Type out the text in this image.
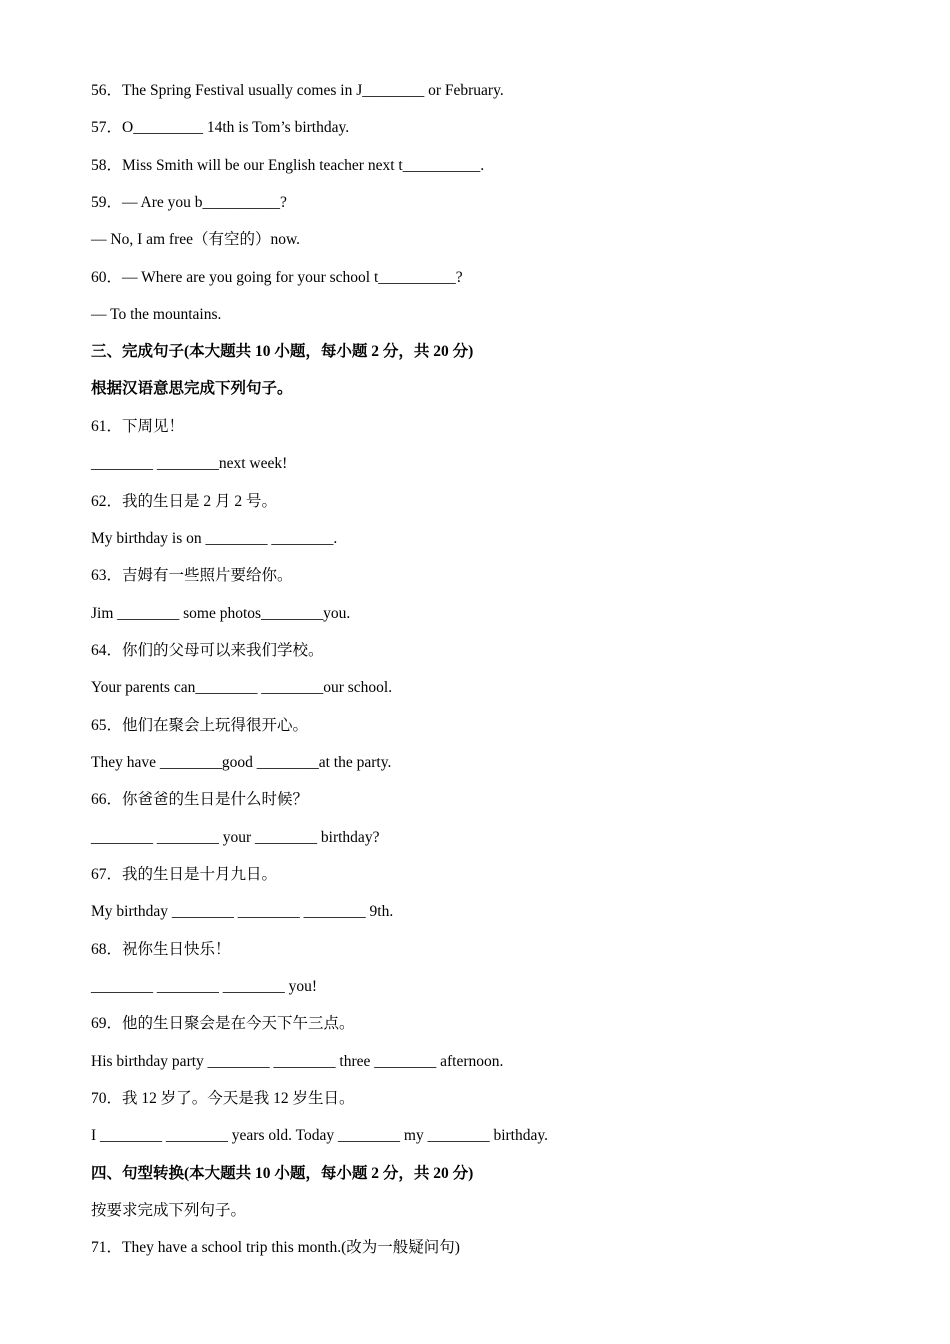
56．The Spring Festival usually comes in J________ or February.
57．O_________ 14th is Tom’s birthday.
58．Miss Smith will be our English teacher next t__________.
59．— Are you b__________?
— No, I am free（有空的）now.
60．— Where are you going for your school t__________?
— To the mountains.
三、完成句子(本大题共 10 小题，每小题 2 分，共 20 分)
根据汉语意思完成下列句子。
61．下周见！
________ ________next week!
62．我的生日是 2 月 2 号。
My birthday is on ________ ________.
63．吉姆有一些照片要给你。
Jim ________ some photos________you.
64．你们的父母可以来我们学校。
Your parents can________ ________our school.
65．他们在聚会上玩得很开心。
They have ________good ________at the party.
66．你爸爸的生日是什么时候？
________ ________ your ________ birthday?
67．我的生日是十月九日。
My birthday ________ ________ ________ 9th.
68．祝你生日快乐！
________ ________ ________ you!
69．他的生日聚会是在今天下午三点。
His birthday party ________ ________ three ________ afternoon.
70．我 12 岁了。今天是我 12 岁生日。
I ________ ________ years old. Today ________ my ________ birthday.
四、句型转换(本大题共 10 小题，每小题 2 分，共 20 分)
按要求完成下列句子。
71．They have a school trip this month.(改为一般疑问句)
